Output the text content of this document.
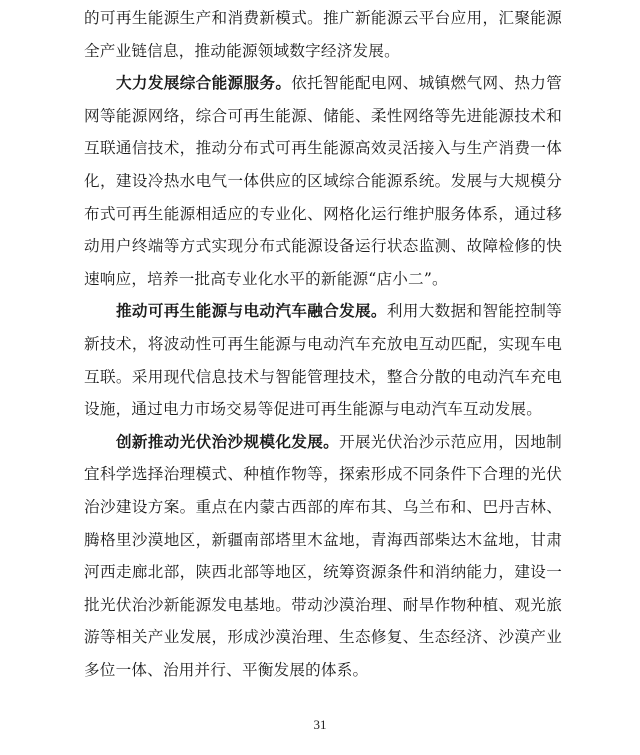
的可再生能源生产和消费新模式。推广新能源云平台应用，汇聚能源全产业链信息，推动能源领域数字经济发展。

大力发展综合能源服务。依托智能配电网、城镇燃气网、热力管网等能源网络，综合可再生能源、储能、柔性网络等先进能源技术和互联通信技术，推动分布式可再生能源高效灵活接入与生产消费一体化，建设冷热水电气一体供应的区域综合能源系统。发展与大规模分布式可再生能源相适应的专业化、网格化运行维护服务体系，通过移动用户终端等方式实现分布式能源设备运行状态监测、故障检修的快速响应，培养一批高专业化水平的新能源“店小二”。

推动可再生能源与电动汽车融合发展。利用大数据和智能控制等新技术，将波动性可再生能源与电动汽车充放电互动匹配，实现车电互联。采用现代信息技术与智能管理技术，整合分散的电动汽车充电设施，通过电力市场交易等促进可再生能源与电动汽车互动发展。

创新推动光伏治沙规模化发展。开展光伏治沙示范应用，因地制宜科学选择治理模式、种植作物等，探索形成不同条件下合理的光伏治沙建设方案。重点在内蒙古西部的库布其、乌兰布和、巴丹吉林、腾格里沙漠地区，新疆南部塔里木盆地，青海西部柴达木盆地，甘肃河西走廊北部，陕西北部等地区，统筹资源条件和消纳能力，建设一批光伏治沙新能源发电基地。带动沙漠治理、耐旱作物种植、观光旅游等相关产业发展，形成沙漠治理、生态修复、生态经济、沙漠产业多位一体、治用并行、平衡发展的体系。

31
